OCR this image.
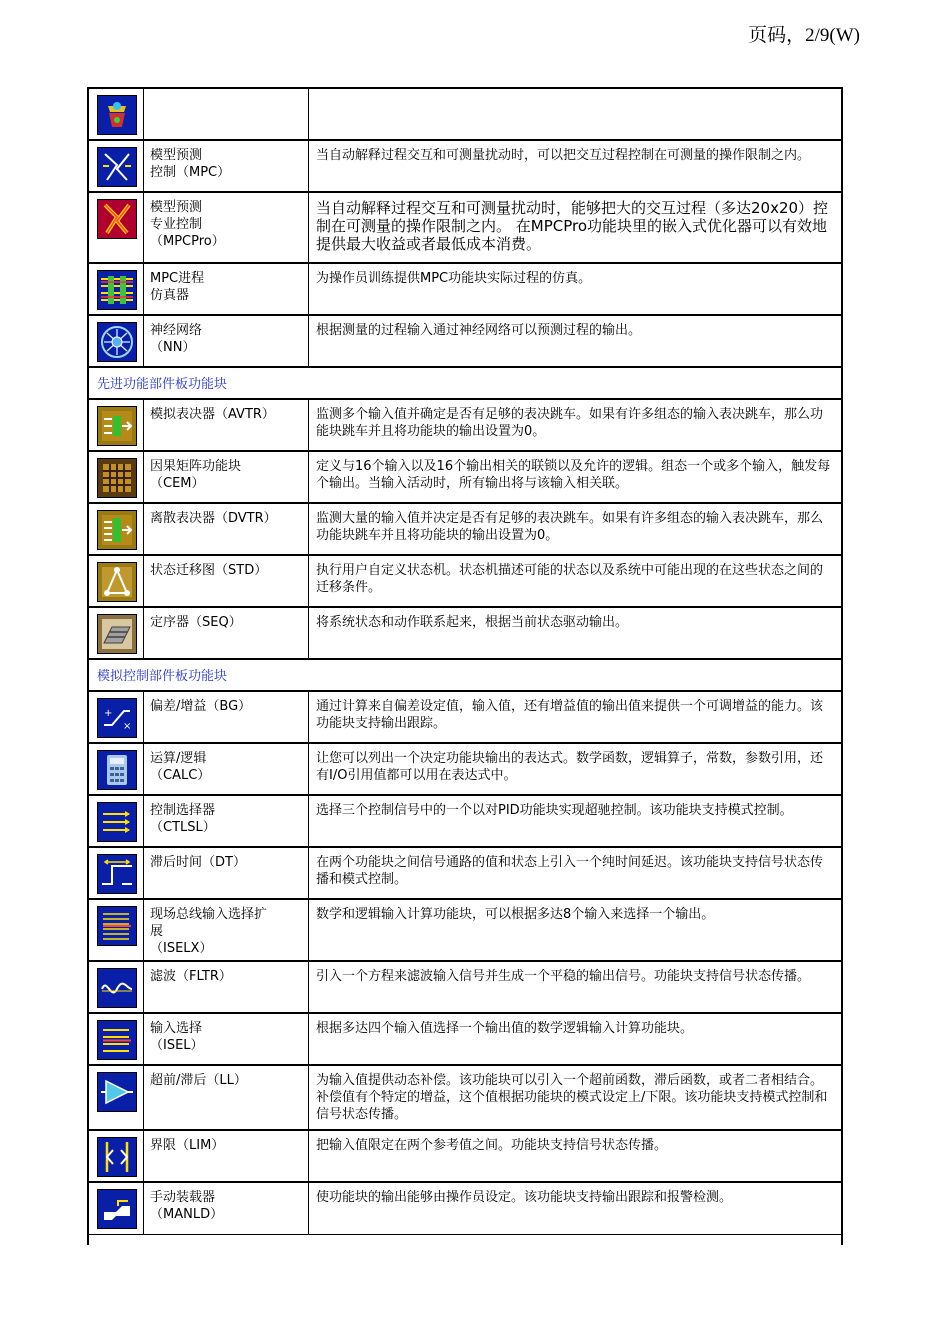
页码，2/9(W)

	模型预测
控制（MPC）	当自动解释过程交互和可测量扰动时，可以把交互过程控制在可测量的操作限制之内。

	模型预测
专业控制
（MPCPro）	当自动解释过程交互和可测量扰动时，能够把大的交互过程（多达20x20）控制在可测量的操作限制之内。 在MPCPro功能块里的嵌入式优化器可以有效地提供最大收益或者最低成本消费。

	MPC进程
仿真器	为操作员训练提供MPC功能块实际过程的仿真。

	神经网络
（NN）	根据测量的过程输入通过神经网络可以预测过程的输出。
先进功能部件板功能块		

	模拟表决器（AVTR）	监测多个输入值并确定是否有足够的表决跳车。如果有许多组态的输入表决跳车，那么功能块跳车并且将功能块的输出设置为0。

	因果矩阵功能块
（CEM）	定义与16个输入以及16个输出相关的联锁以及允许的逻辑。组态一个或多个输入，触发每个输出。当输入活动时，所有输出将与该输入相关联。

	离散表决器（DVTR）	监测大量的输入值并决定是否有足够的表决跳车。如果有许多组态的输入表决跳车，那么功能块跳车并且将功能块的输出设置为0。

	状态迁移图（STD）	执行用户自定义状态机。状态机描述可能的状态以及系统中可能出现的在这些状态之间的迁移条件。

	定序器（SEQ）	将系统状态和动作联系起来，根据当前状态驱动输出。
模拟控制部件板功能块		

+
×	偏差/增益（BG）	通过计算来自偏差设定值，输入值，还有增益值的输出值来提供一个可调增益的能力。该功能块支持输出跟踪。

	运算/逻辑
（CALC）	让您可以列出一个决定功能块输出的表达式。数学函数，逻辑算子，常数，参数引用，还有I/O引用值都可以用在表达式中。

	控制选择器
（CTLSL）	选择三个控制信号中的一个以对PID功能块实现超驰控制。该功能块支持模式控制。

	滞后时间（DT）	在两个功能块之间信号通路的值和状态上引入一个纯时间延迟。该功能块支持信号状态传播和模式控制。

	现场总线输入选择扩
展
（ISELX）	数学和逻辑输入计算功能块，可以根据多达8个输入来选择一个输出。

	滤波（FLTR）	引入一个方程来滤波输入信号并生成一个平稳的输出信号。功能块支持信号状态传播。

	输入选择
（ISEL）	根据多达四个输入值选择一个输出值的数学逻辑输入计算功能块。

	超前/滞后（LL）	为输入值提供动态补偿。该功能块可以引入一个超前函数，滞后函数，或者二者相结合。补偿值有个特定的增益，这个值根据功能块的模式设定上/下限。该功能块支持模式控制和信号状态传播。

	界限（LIM）	把输入值限定在两个参考值之间。功能块支持信号状态传播。

	手动装载器
（MANLD）	使功能块的输出能够由操作员设定。该功能块支持输出跟踪和报警检测。
